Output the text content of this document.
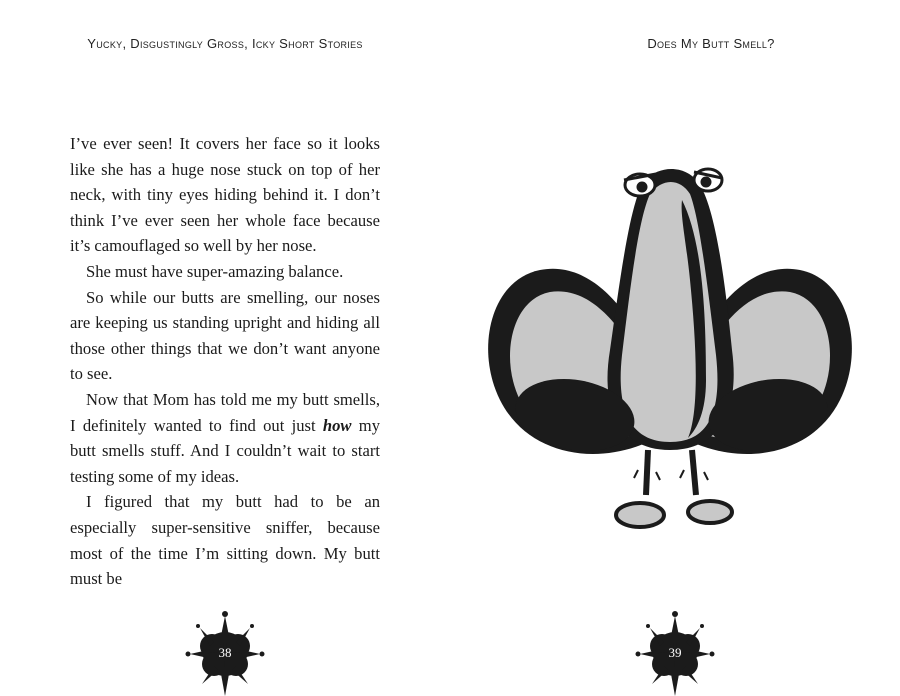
Yucky, Disgustingly Gross, Icky Short Stories

I’ve ever seen! It covers her face so it looks like she has a huge nose stuck on top of her neck, with tiny eyes hiding behind it. I don’t think I’ve ever seen her whole face because it’s camouflaged so well by her nose.

She must have super-amazing balance.

So while our butts are smelling, our noses are keeping us standing upright and hiding all those other things that we don’t want anyone to see.

Now that Mom has told me my butt smells, I definitely wanted to find out just how my butt smells stuff. And I couldn’t wait to start testing some of my ideas.

I figured that my butt had to be an especially super-sensitive sniffer, because most of the time I’m sitting down. My butt must be

38
Does My Butt Smell?
39
